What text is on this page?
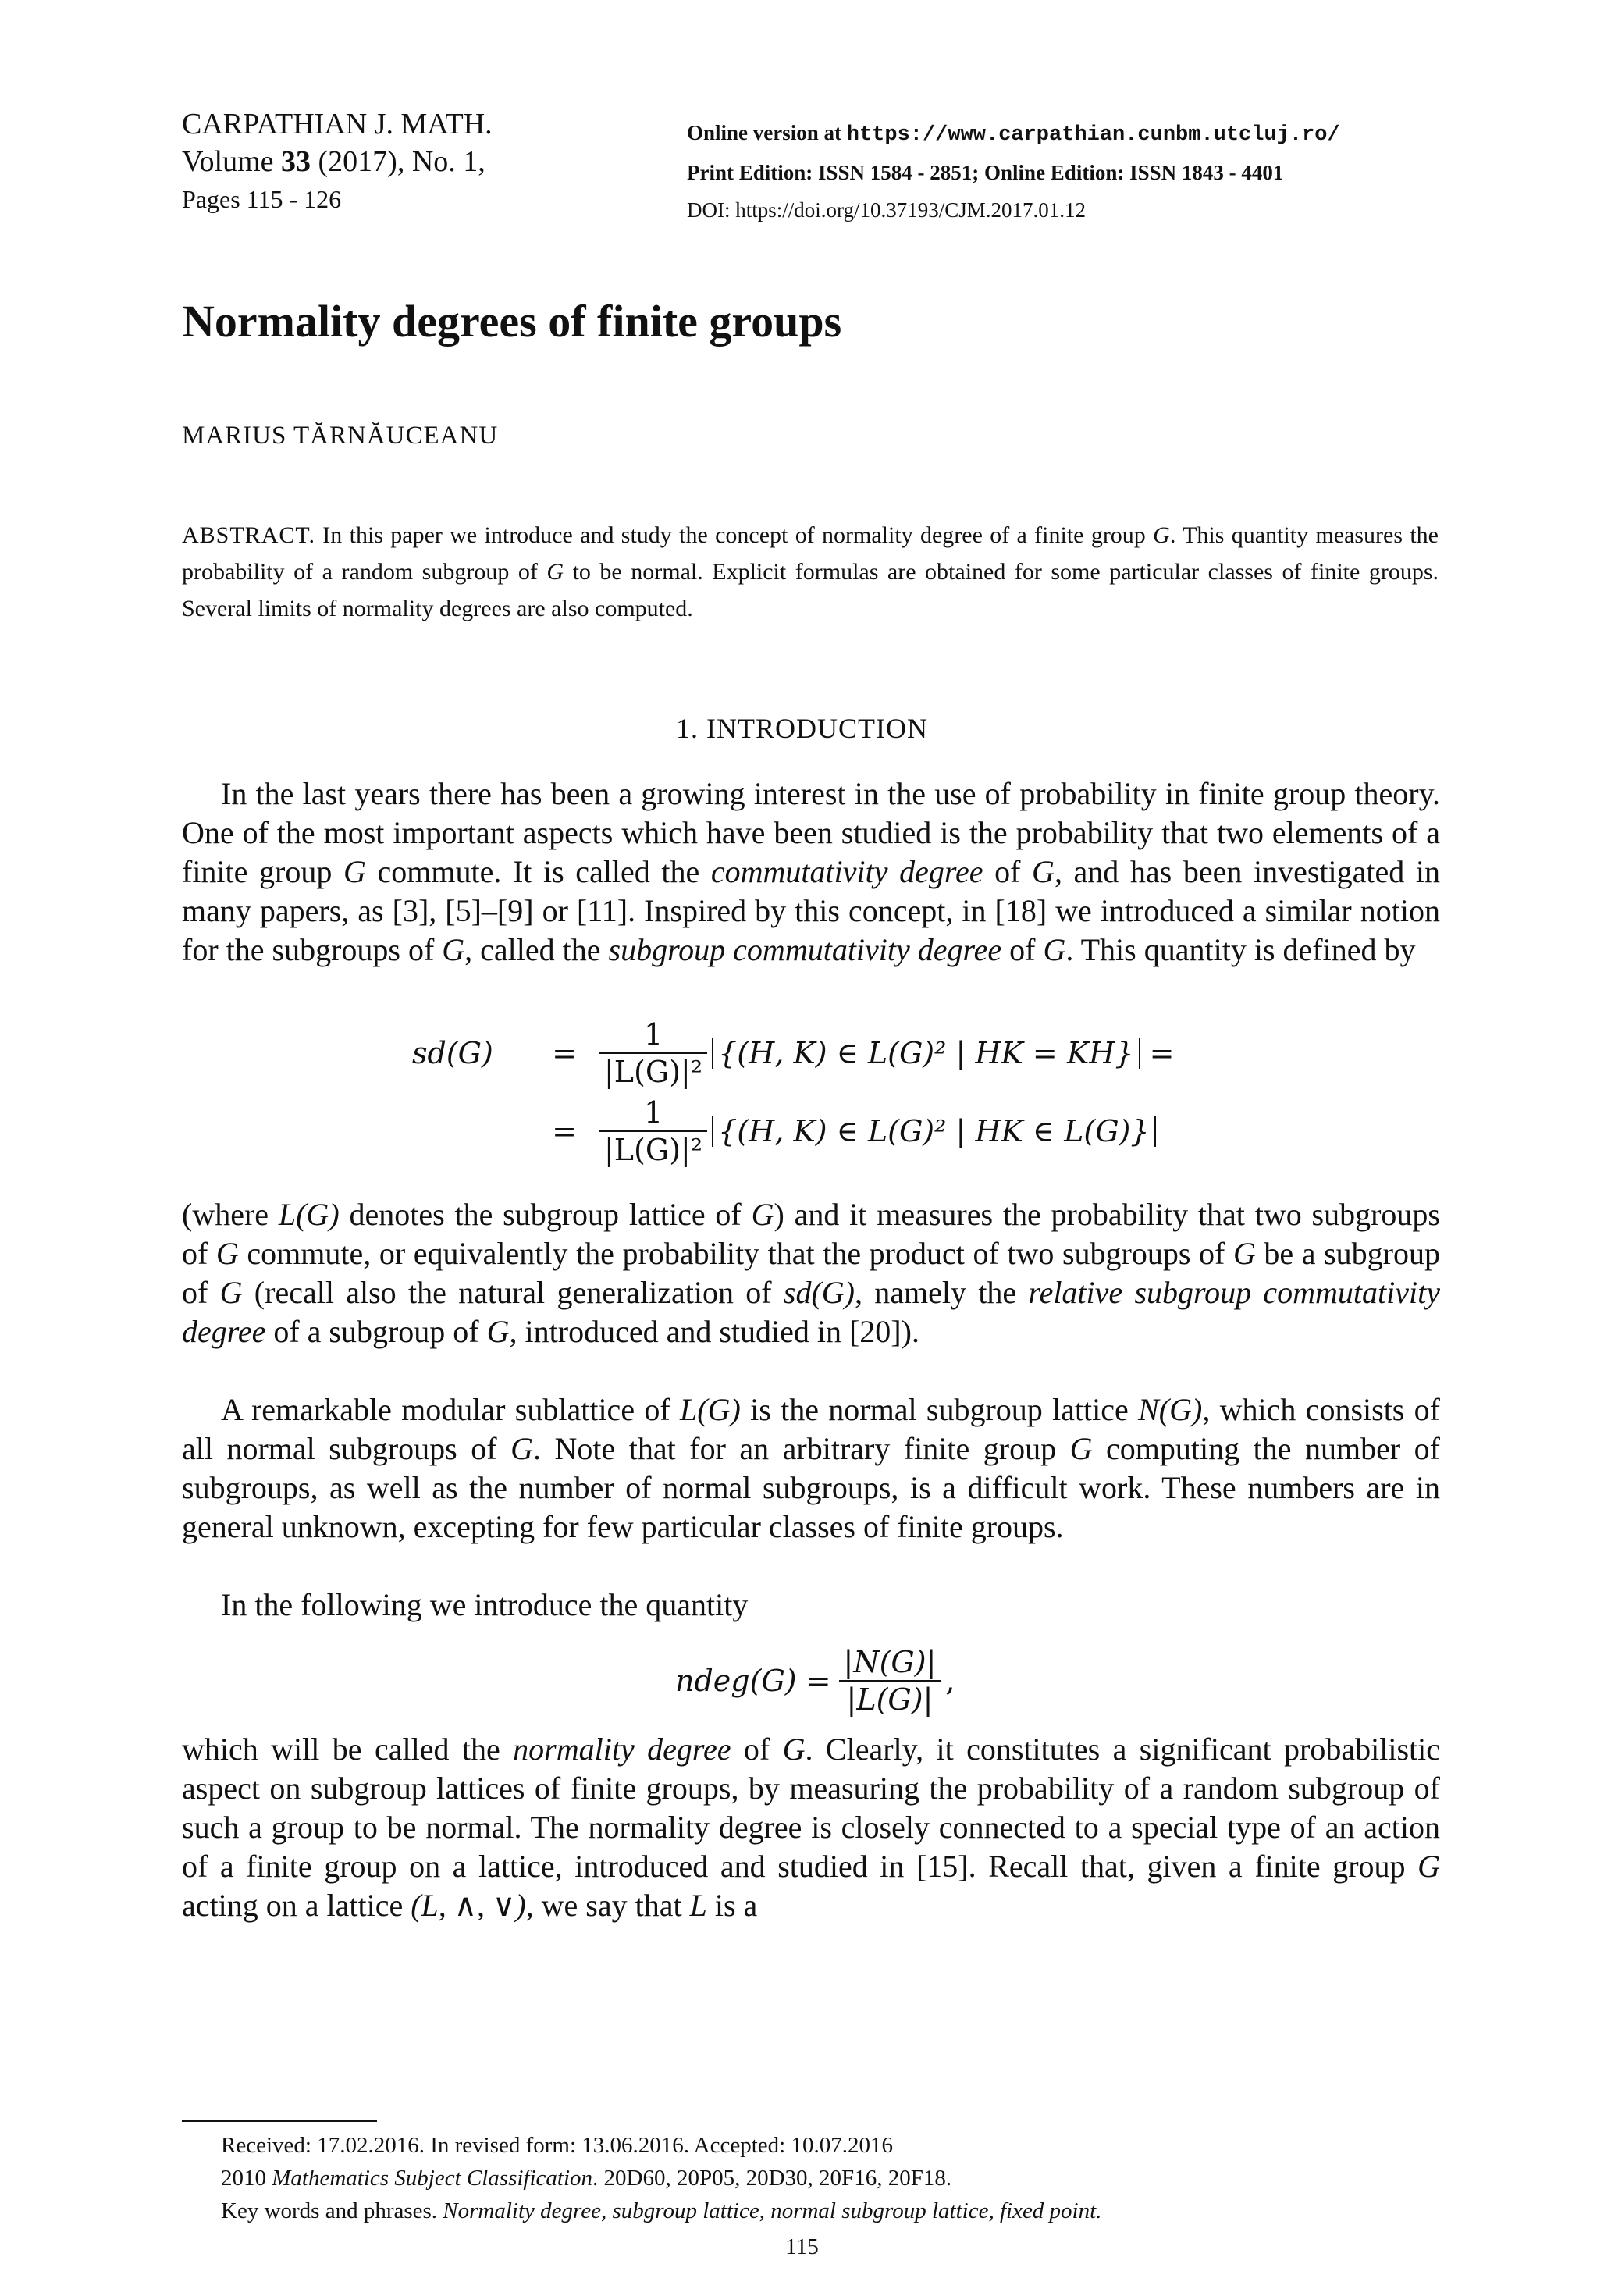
CARPATHIAN J. MATH.
Volume 33 (2017), No. 1,
Pages 115 - 126
Online version at https://www.carpathian.cunbm.utcluj.ro/
Print Edition: ISSN 1584 - 2851; Online Edition: ISSN 1843 - 4401
DOI: https://doi.org/10.37193/CJM.2017.01.12
Normality degrees of finite groups
MARIUS TĂRNĂUCEANU
ABSTRACT. In this paper we introduce and study the concept of normality degree of a finite group G. This quantity measures the probability of a random subgroup of G to be normal. Explicit formulas are obtained for some particular classes of finite groups. Several limits of normality degrees are also computed.
1. INTRODUCTION
In the last years there has been a growing interest in the use of probability in finite group theory. One of the most important aspects which have been studied is the probability that two elements of a finite group G commute. It is called the commutativity degree of G, and has been investigated in many papers, as [3], [5]–[9] or [11]. Inspired by this concept, in [18] we introduced a similar notion for the subgroups of G, called the subgroup commutativity degree of G. This quantity is defined by
sd(G)	= $\frac{1}{\text{|L(G)|²}} \{(H$, K) ∈ L(G)² | HK = KH} =
= $\frac{1}{\text{|L(G)|²}} \{(H$, K) ∈ L(G)² | HK ∈ L(G)}
(where L(G) denotes the subgroup lattice of G) and it measures the probability that two subgroups of G commute, or equivalently the probability that the product of two subgroups of G be a subgroup of G (recall also the natural generalization of sd(G), namely the relative subgroup commutativity degree of a subgroup of G, introduced and studied in [20]).
A remarkable modular sublattice of L(G) is the normal subgroup lattice N(G), which consists of all normal subgroups of G. Note that for an arbitrary finite group G computing the number of subgroups, as well as the number of normal subgroups, is a difficult work. These numbers are in general unknown, excepting for few particular classes of finite groups.
In the following we introduce the quantity
ndeg(G) = $\frac{|N(G)|}{|L(G)|}$ ,
which will be called the normality degree of G. Clearly, it constitutes a significant probabilistic aspect on subgroup lattices of finite groups, by measuring the probability of a random subgroup of such a group to be normal. The normality degree is closely connected to a special type of an action of a finite group on a lattice, introduced and studied in [15]. Recall that, given a finite group G acting on a lattice (L, ∧, ∨), we say that L is a
Received: 17.02.2016. In revised form: 13.06.2016. Accepted: 10.07.2016
2010 Mathematics Subject Classification. 20D60, 20P05, 20D30, 20F16, 20F18.
Key words and phrases. Normality degree, subgroup lattice, normal subgroup lattice, fixed point.
115
